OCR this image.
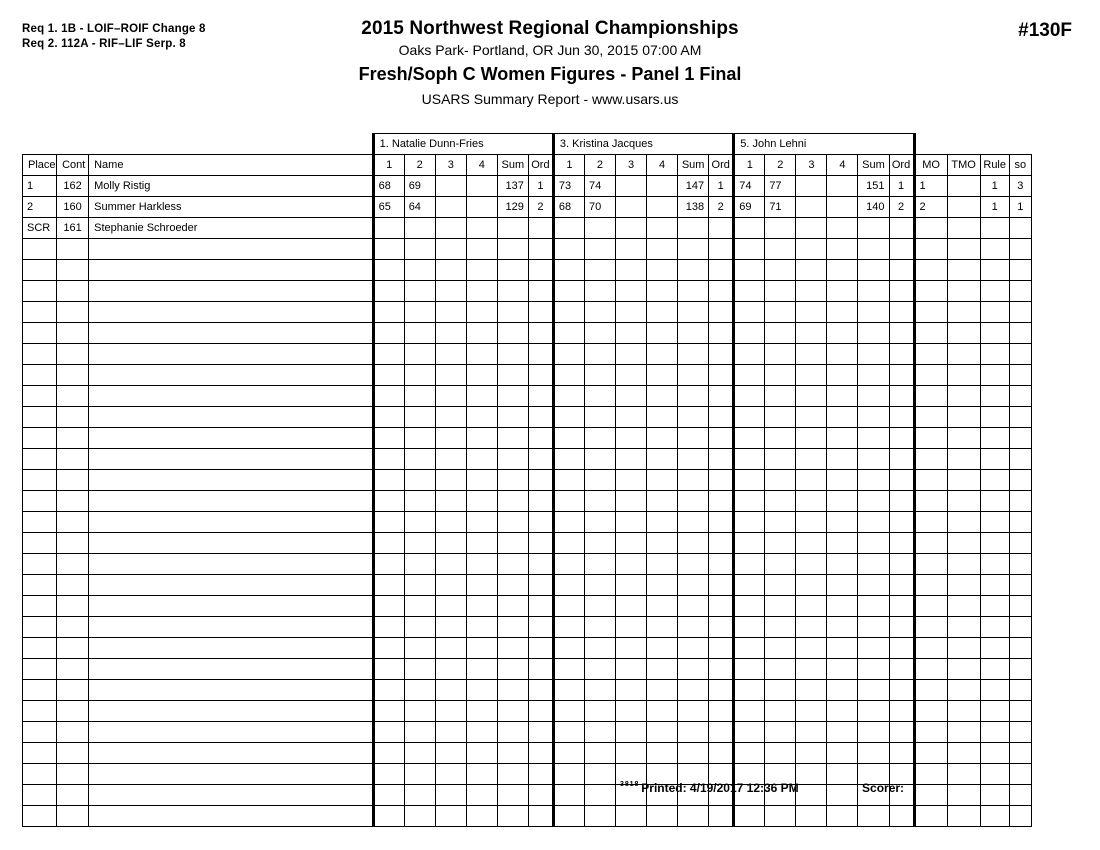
Req 1. 1B - LOIF–ROIF Change 8
Req 2. 112A - RIF–LIF Serp. 8
2015 Northwest Regional Championships
Oaks Park- Portland, OR Jun 30, 2015 07:00 AM
Fresh/Soph C Women Figures - Panel 1 Final
USARS Summary Report - www.usars.us
#130F
			1. Natalie Dunn-Fries						3. Kristina Jacques						5. John Lehni									
Place	Cont	Name	1	2	3	4	Sum	Ord	1	2	3	4	Sum	Ord	1	2	3	4	Sum	Ord	MO	TMO	Rule	so
1	162	Molly Ristig	68	69			137	1	73	74			147	1	74	77			151	1	1		1	3
2	160	Summer Harkless	65	64			129	2	68	70			138	2	69	71			140	2	2		1	1
SCR	161	Stephanie Schroeder																						

$^{3 8 1 8}$ Printed: 4/19/2017 12:36 PM	Scorer:
